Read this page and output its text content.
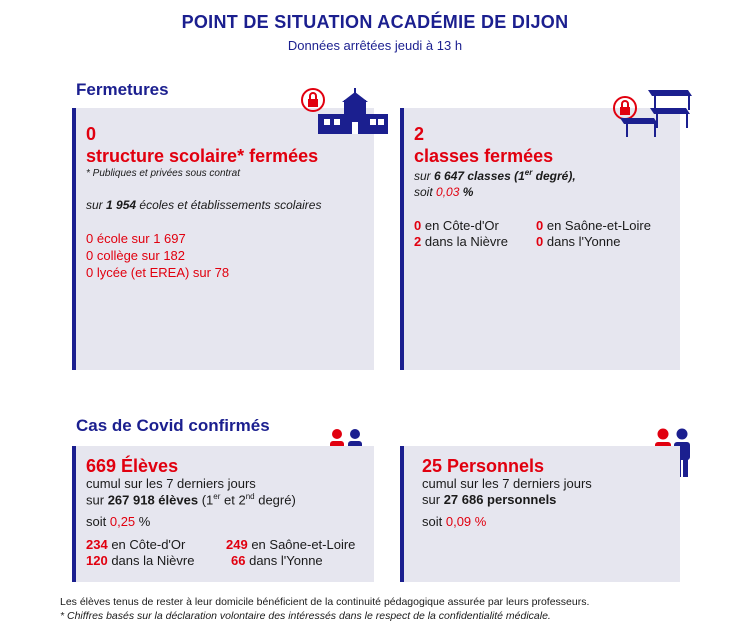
POINT DE SITUATION ACADÉMIE DE DIJON
Données arrêtées jeudi à 13 h
Fermetures
0
structure scolaire* fermées
* Publiques et privées sous contrat
sur 1 954 écoles et établissements scolaires
0 école sur 1 697
0 collège sur 182
0 lycée (et EREA) sur 78
2
classes fermées
sur 6 647 classes (1er degré),
soit 0,03 %
0 en Côte-d'Or
2 dans la Nièvre
0 en Saône-et-Loire
0 dans l'Yonne
Cas de Covid confirmés
669 Élèves
cumul sur les 7 derniers jours
sur 267 918 élèves (1er et 2nd degré)
soit 0,25 %
234 en Côte-d'Or
120 dans la Nièvre
249 en Saône-et-Loire
66 dans l'Yonne
25 Personnels
cumul sur les 7 derniers jours
sur 27 686 personnels
soit 0,09 %
Les élèves tenus de rester à leur domicile bénéficient de la continuité pédagogique assurée par leurs professeurs.
* Chiffres basés sur la déclaration volontaire des intéressés dans le respect de la confidentialité médicale.
